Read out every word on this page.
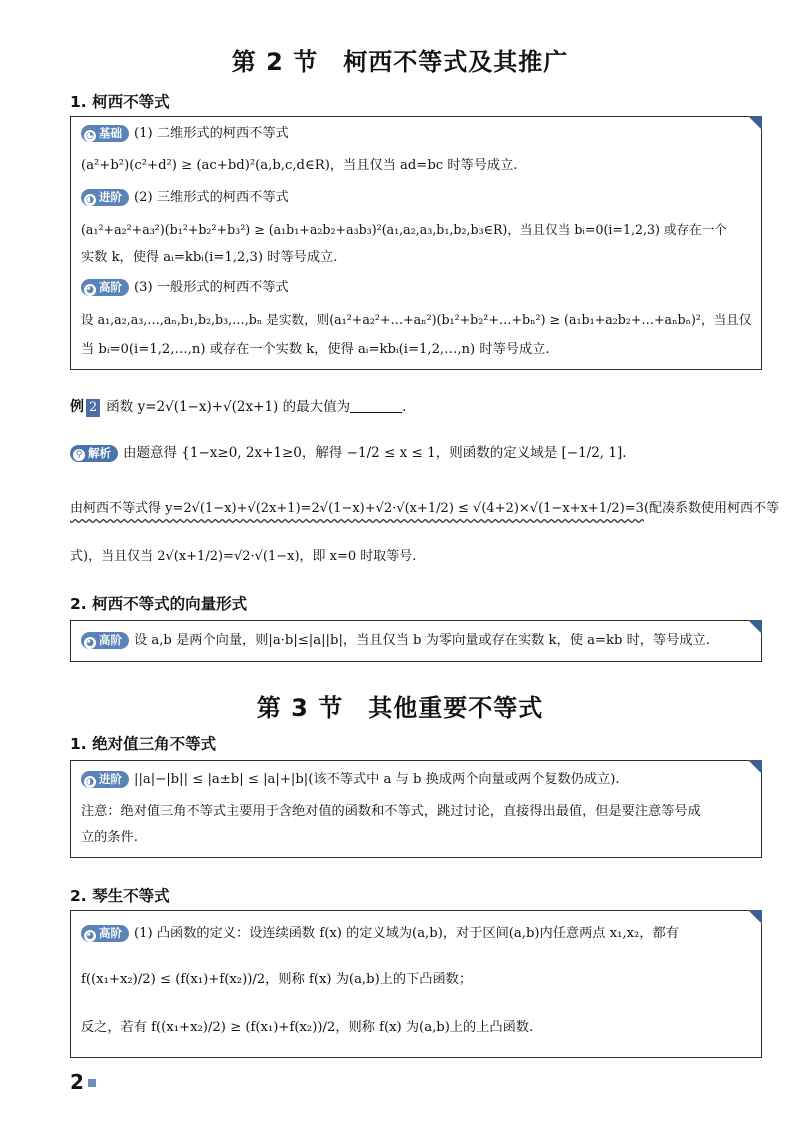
第 2 节　柯西不等式及其推广
1. 柯西不等式
◔ 基础 (1) 二维形式的柯西不等式
(a²+b²)(c²+d²) ≥ (ac+bd)²(a,b,c,d∈R)，当且仅当 ad=bc 时等号成立.
◑ 进阶 (2) 三维形式的柯西不等式
(a₁²+a₂²+a₃²)(b₁²+b₂²+b₃²) ≥ (a₁b₁+a₂b₂+a₃b₃)²(a₁,a₂,a₃,b₁,b₂,b₃∈R)，当且仅当 bᵢ=0(i=1,2,3) 或存在一个
实数 k，使得 aᵢ=kbᵢ(i=1,2,3) 时等号成立.
◕ 高阶 (3) 一般形式的柯西不等式
设 a₁,a₂,a₃,…,aₙ,b₁,b₂,b₃,…,bₙ 是实数，则(a₁²+a₂²+…+aₙ²)(b₁²+b₂²+…+bₙ²) ≥ (a₁b₁+a₂b₂+…+aₙbₙ)²，当且仅
当 bᵢ=0(i=1,2,…,n) 或存在一个实数 k，使得 aᵢ=kbᵢ(i=1,2,…,n) 时等号成立.
例 2 函数 y=2√(1−x)+√(2x+1) 的最大值为	.
⚲ 解析 由题意得 {1−x≥0, 2x+1≥0，解得 −1/2 ≤ x ≤ 1，则函数的定义域是 [−1/2, 1].
由柯西不等式得 y=2√(1−x)+√(2x+1)=2√(1−x)+√2·√(x+1/2) ≤ √(4+2)×√(1−x+x+1/2)=3(配凑系数使用柯西不等
式)，当且仅当 2√(x+1/2)=√2·√(1−x)，即 x=0 时取等号.
2. 柯西不等式的向量形式
◕ 高阶 设 a,b 是两个向量，则|a·b|≤|a||b|，当且仅当 b 为零向量或存在实数 k，使 a=kb 时，等号成立.
第 3 节　其他重要不等式
1. 绝对值三角不等式
◑ 进阶 ||a|−|b|| ≤ |a±b| ≤ |a|+|b|(该不等式中 a 与 b 换成两个向量或两个复数仍成立).
注意：绝对值三角不等式主要用于含绝对值的函数和不等式，跳过讨论，直接得出最值，但是要注意等号成
立的条件.
2. 琴生不等式
◕ 高阶 (1) 凸函数的定义：设连续函数 f(x) 的定义域为(a,b)，对于区间(a,b)内任意两点 x₁,x₂，都有
f((x₁+x₂)/2) ≤ (f(x₁)+f(x₂))/2，则称 f(x) 为(a,b)上的下凸函数；
反之，若有 f((x₁+x₂)/2) ≥ (f(x₁)+f(x₂))/2，则称 f(x) 为(a,b)上的上凸函数.
2
